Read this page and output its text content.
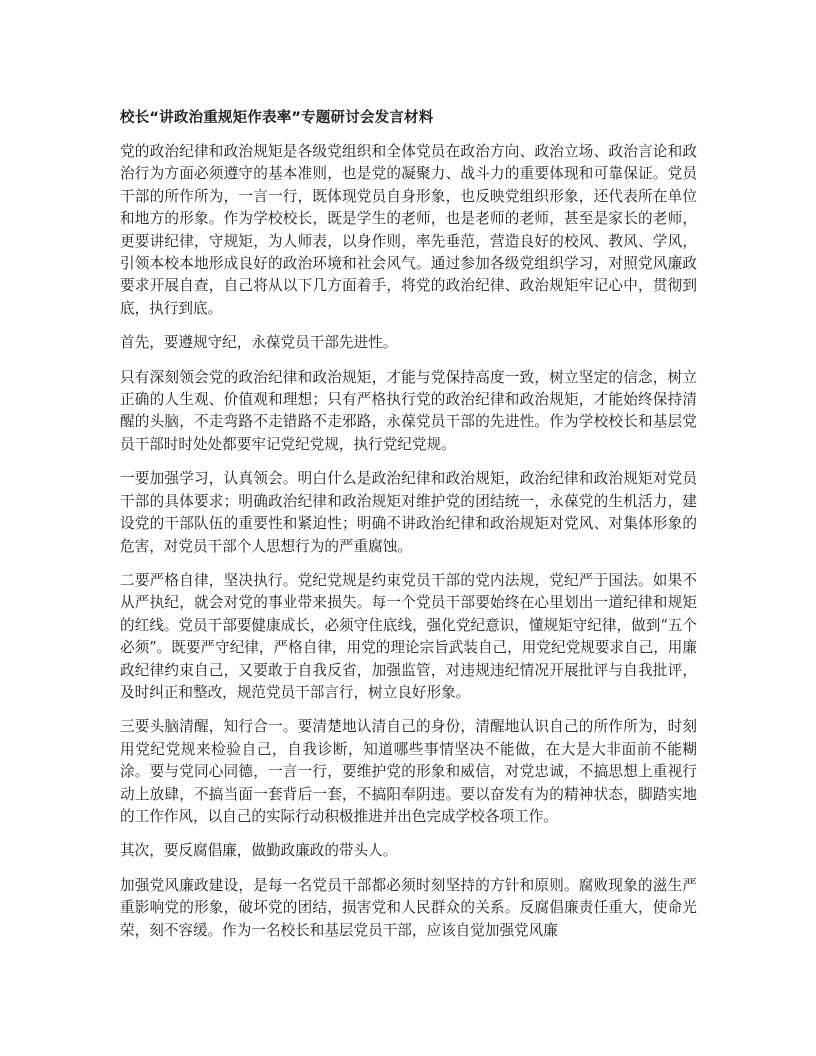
校长“讲政治重规矩作表率”专题研讨会发言材料

党的政治纪律和政治规矩是各级党组织和全体党员在政治方向、政治立场、政治言论和政治行为方面必须遵守的基本准则，也是党的凝聚力、战斗力的重要体现和可靠保证。党员干部的所作所为，一言一行，既体现党员自身形象，也反映党组织形象，还代表所在单位和地方的形象。作为学校校长，既是学生的老师，也是老师的老师，甚至是家长的老师，更要讲纪律，守规矩，为人师表，以身作则，率先垂范，营造良好的校风、教风、学风，引领本校本地形成良好的政治环境和社会风气。通过参加各级党组织学习，对照党风廉政要求开展自查，自己将从以下几方面着手，将党的政治纪律、政治规矩牢记心中，贯彻到底，执行到底。

首先，要遵规守纪，永葆党员干部先进性。

只有深刻领会党的政治纪律和政治规矩，才能与党保持高度一致，树立坚定的信念，树立正确的人生观、价值观和理想；只有严格执行党的政治纪律和政治规矩，才能始终保持清醒的头脑，不走弯路不走错路不走邪路，永葆党员干部的先进性。作为学校校长和基层党员干部时时处处都要牢记党纪党规，执行党纪党规。

一要加强学习，认真领会。明白什么是政治纪律和政治规矩，政治纪律和政治规矩对党员干部的具体要求；明确政治纪律和政治规矩对维护党的团结统一，永葆党的生机活力，建设党的干部队伍的重要性和紧迫性；明确不讲政治纪律和政治规矩对党风、对集体形象的危害，对党员干部个人思想行为的严重腐蚀。

二要严格自律，坚决执行。党纪党规是约束党员干部的党内法规，党纪严于国法。如果不从严执纪，就会对党的事业带来损失。每一个党员干部要始终在心里划出一道纪律和规矩的红线。党员干部要健康成长，必须守住底线，强化党纪意识，懂规矩守纪律，做到“五个必须”。既要严守纪律，严格自律，用党的理论宗旨武装自己，用党纪党规要求自己，用廉政纪律约束自己，又要敢于自我反省，加强监管，对违规违纪情况开展批评与自我批评，及时纠正和整改，规范党员干部言行，树立良好形象。

三要头脑清醒，知行合一。要清楚地认清自己的身份，清醒地认识自己的所作所为，时刻用党纪党规来检验自己，自我诊断，知道哪些事情坚决不能做，在大是大非面前不能糊涂。要与党同心同德，一言一行，要维护党的形象和威信，对党忠诚，不搞思想上重视行动上放肆，不搞当面一套背后一套，不搞阳奉阴违。要以奋发有为的精神状态，脚踏实地的工作作风，以自己的实际行动积极推进并出色完成学校各项工作。

其次，要反腐倡廉，做勤政廉政的带头人。

加强党风廉政建设，是每一名党员干部都必须时刻坚持的方针和原则。腐败现象的滋生严重影响党的形象，破坏党的团结，损害党和人民群众的关系。反腐倡廉责任重大，使命光荣，刻不容缓。作为一名校长和基层党员干部，应该自觉加强党风廉
